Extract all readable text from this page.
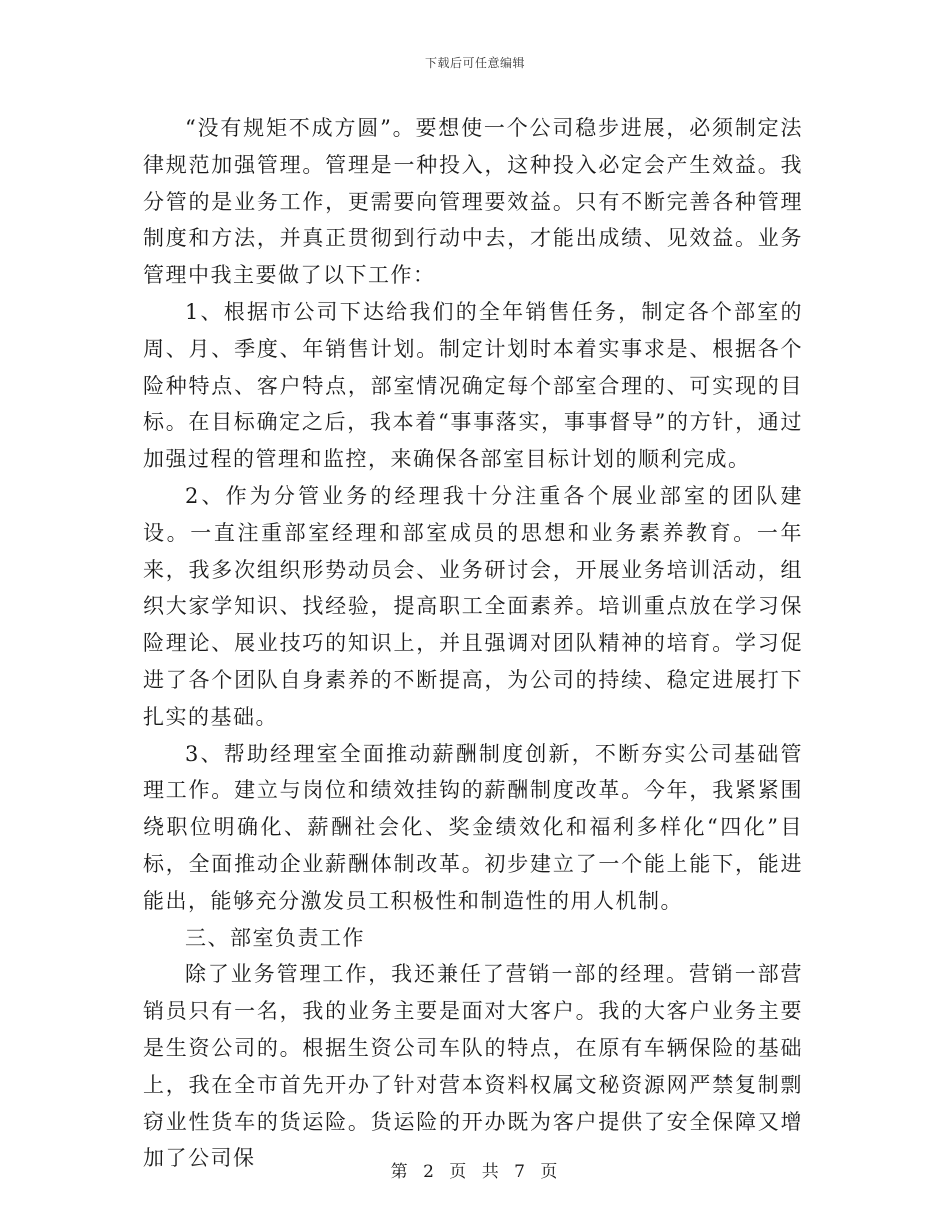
下载后可任意编辑

“没有规矩不成方圆”。要想使一个公司稳步进展，必须制定法律规范加强管理。管理是一种投入，这种投入必定会产生效益。我分管的是业务工作，更需要向管理要效益。只有不断完善各种管理制度和方法，并真正贯彻到行动中去，才能出成绩、见效益。业务管理中我主要做了以下工作：

1、根据市公司下达给我们的全年销售任务，制定各个部室的周、月、季度、年销售计划。制定计划时本着实事求是、根据各个险种特点、客户特点，部室情况确定每个部室合理的、可实现的目标。在目标确定之后，我本着“事事落实，事事督导”的方针，通过加强过程的管理和监控，来确保各部室目标计划的顺利完成。

2、作为分管业务的经理我十分注重各个展业部室的团队建设。一直注重部室经理和部室成员的思想和业务素养教育。一年来，我多次组织形势动员会、业务研讨会，开展业务培训活动，组织大家学知识、找经验，提高职工全面素养。培训重点放在学习保险理论、展业技巧的知识上，并且强调对团队精神的培育。学习促进了各个团队自身素养的不断提高，为公司的持续、稳定进展打下扎实的基础。

3、帮助经理室全面推动薪酬制度创新，不断夯实公司基础管理工作。建立与岗位和绩效挂钩的薪酬制度改革。今年，我紧紧围绕职位明确化、薪酬社会化、奖金绩效化和福利多样化“四化”目标，全面推动企业薪酬体制改革。初步建立了一个能上能下，能进能出，能够充分激发员工积极性和制造性的用人机制。

三、部室负责工作

除了业务管理工作，我还兼任了营销一部的经理。营销一部营销员只有一名，我的业务主要是面对大客户。我的大客户业务主要是生资公司的。根据生资公司车队的特点，在原有车辆保险的基础上，我在全市首先开办了针对营本资料权属文秘资源网严禁复制剽窃业性货车的货运险。货运险的开办既为客户提供了安全保障又增加了公司保

第 2 页 共 7 页
